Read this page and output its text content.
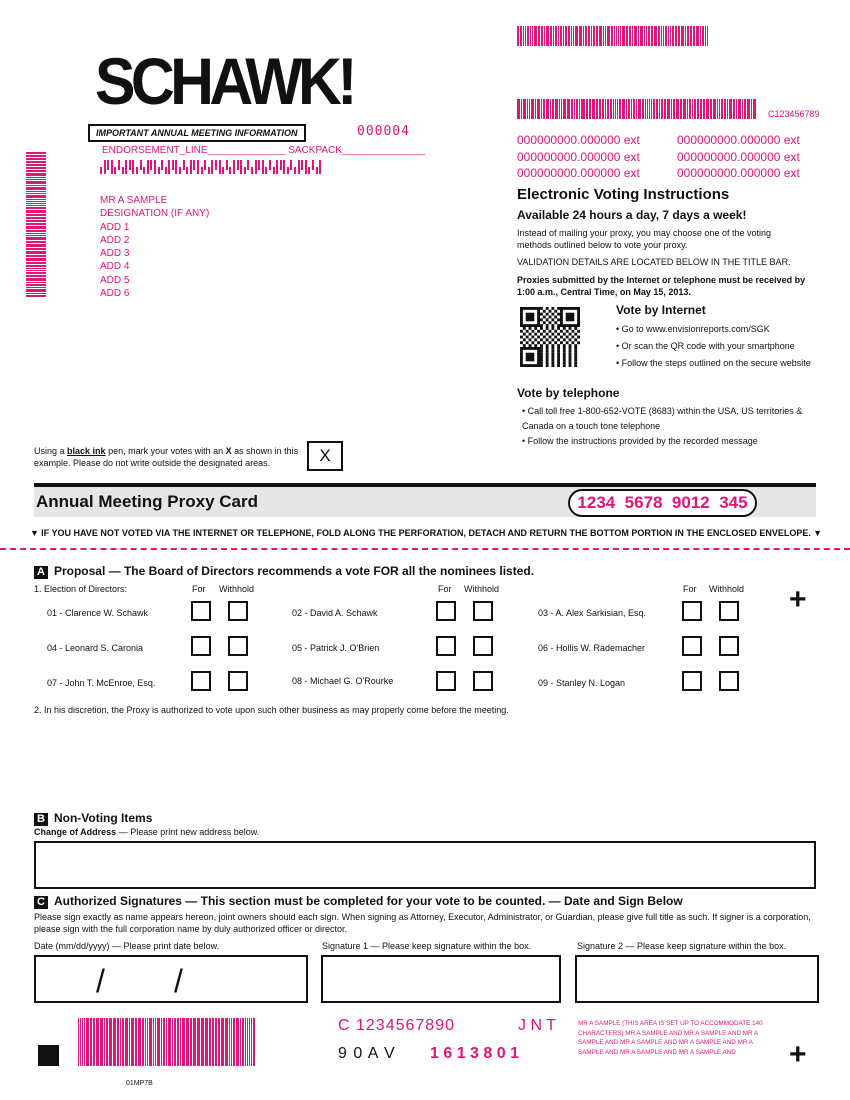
SCHAWK!
IMPORTANT ANNUAL MEETING INFORMATION	000004
ENDORSEMENT_LINE______________ SACKPACK_______________
MR A SAMPLE
DESIGNATION (IF ANY)
ADD 1
ADD 2
ADD 3
ADD 4
ADD 5
ADD 6
C123456789
000000000.000000 ext	000000000.000000 ext
000000000.000000 ext	000000000.000000 ext
000000000.000000 ext	000000000.000000 ext
Electronic Voting Instructions
Available 24 hours a day, 7 days a week!
Instead of mailing your proxy, you may choose one of the voting methods outlined below to vote your proxy.
VALIDATION DETAILS ARE LOCATED BELOW IN THE TITLE BAR.
Proxies submitted by the Internet or telephone must be received by 1:00 a.m., Central Time, on May 15, 2013.
Vote by Internet
• Go to www.envisionreports.com/SGK
• Or scan the QR code with your smartphone
• Follow the steps outlined on the secure website
Vote by telephone
• Call toll free 1-800-652-VOTE (8683) within the USA, US territories & Canada on a touch tone telephone
• Follow the instructions provided by the recorded message
Using a black ink pen, mark your votes with an X as shown in this example. Please do not write outside the designated areas.	X
Annual Meeting Proxy Card	1234  5678  9012  345
▼ IF YOU HAVE NOT VOTED VIA THE INTERNET OR TELEPHONE, FOLD ALONG THE PERFORATION, DETACH AND RETURN THE BOTTOM PORTION IN THE ENCLOSED ENVELOPE. ▼
A Proposal — The Board of Directors recommends a vote FOR all the nominees listed.
1. Election of Directors:	For Withhold	For Withhold	For Withhold
01 - Clarence W. Schawk	02 - David A. Schawk	03 - A. Alex Sarkisian, Esq.
04 - Leonard S. Caronia	05 - Patrick J. O'Brien	06 - Hollis W. Rademacher
07 - John T. McEnroe, Esq.	08 - Michael G. O'Rourke	09 - Stanley N. Logan
+
2. In his discretion, the Proxy is authorized to vote upon such other business as may properly come before the meeting.
B Non-Voting Items
Change of Address — Please print new address below.
C Authorized Signatures — This section must be completed for your vote to be counted. — Date and Sign Below
Please sign exactly as name appears hereon, joint owners should each sign. When signing as Attorney, Executor, Administrator, or Guardian, please give full title as such. If signer is a corporation, please sign with the full corporation name by duly authorized officer or director.
Date (mm/dd/yyyy) — Please print date below.	Signature 1 — Please keep signature within the box.	Signature 2 — Please keep signature within the box.
/ /
C 1234567890	J N T
9 0 A V 1 6 1 3 8 0 1
MR A SAMPLE (THIS AREA IS SET UP TO ACCOMMODATE 140 CHARACTERS) MR A SAMPLE AND MR A SAMPLE AND MR A SAMPLE AND MR A SAMPLE AND MR A SAMPLE AND MR A SAMPLE AND MR A SAMPLE AND MR A SAMPLE AND	+
01MP7B
